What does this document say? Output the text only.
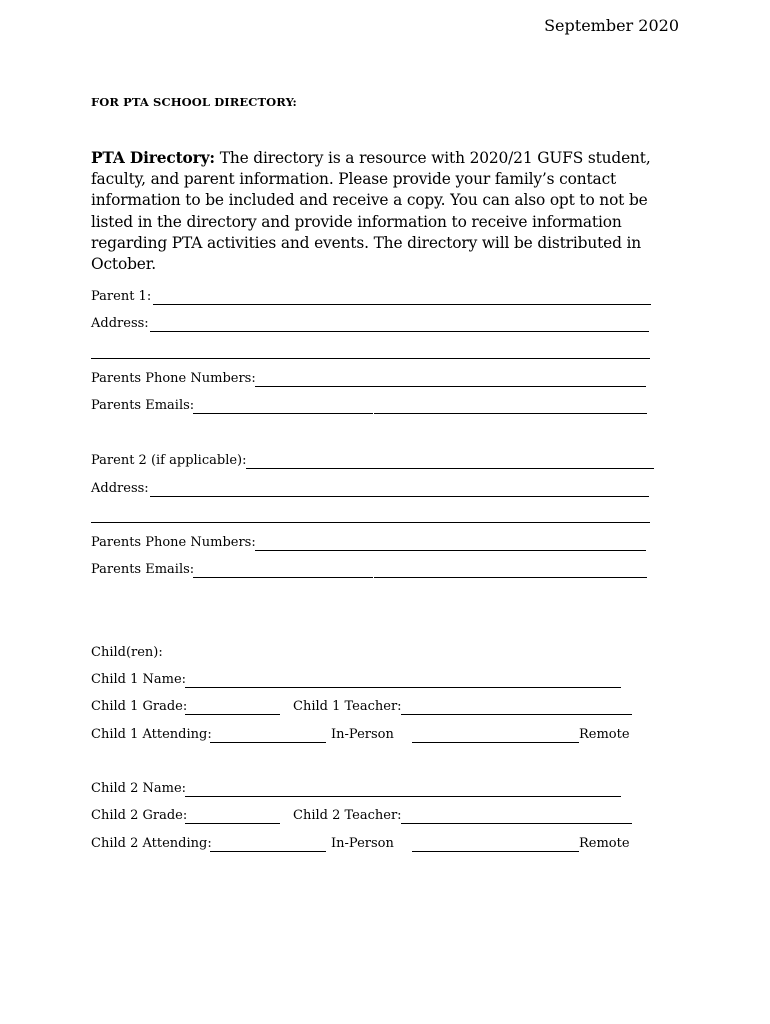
September 2020
FOR PTA SCHOOL DIRECTORY:
PTA Directory: The directory is a resource with 2020/21 GUFS student, faculty, and parent information. Please provide your family’s contact information to be included and receive a copy. You can also opt to not be listed in the directory and provide information to receive information regarding PTA activities and events. The directory will be distributed in October.
Parent 1:
Address:
Parents Phone Numbers:
Parents Emails:
Parent 2 (if applicable):
Address:
Parents Phone Numbers:
Parents Emails:
Child(ren):
Child 1 Name:
Child 1 Grade:	Child 1 Teacher:
Child 1 Attending:	In-Person	Remote
Child 2 Name:
Child 2 Grade:	Child 2 Teacher:
Child 2 Attending:	In-Person	Remote
